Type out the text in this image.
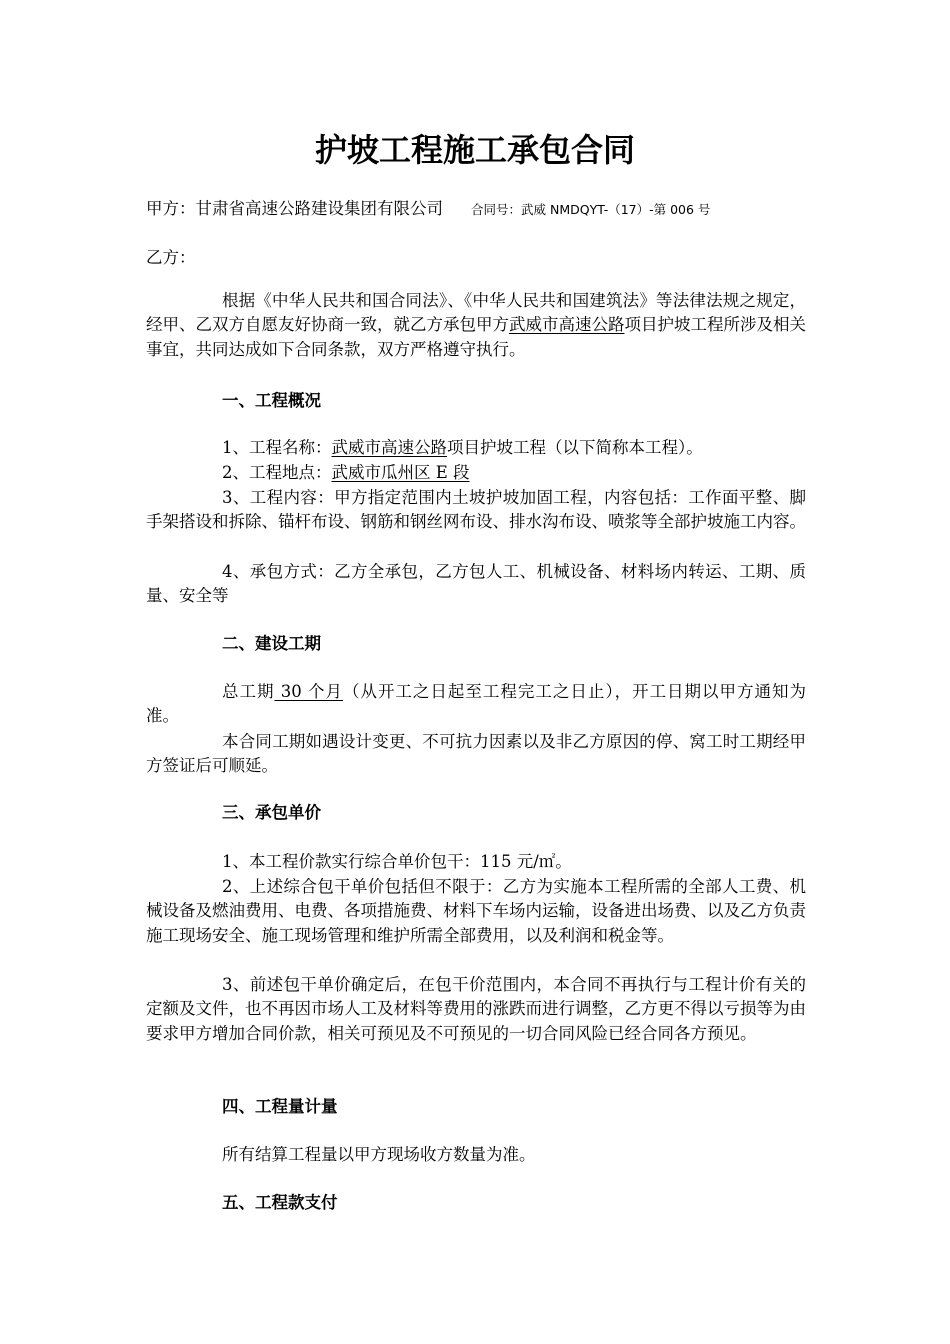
护坡工程施工承包合同
甲方：甘肃省高速公路建设集团有限公司 合同号：武威 NMDQYT-（17）-第 006 号
乙方：

根据《中华人民共和国合同法》、《中华人民共和国建筑法》等法律法规之规定，经甲、乙双方自愿友好协商一致，就乙方承包甲方武威市高速公路项目护坡工程所涉及相关事宜，共同达成如下合同条款，双方严格遵守执行。

一、工程概况

1、工程名称：武威市高速公路项目护坡工程（以下简称本工程）。

2、工程地点：武威市瓜州区 E 段

3、工程内容：甲方指定范围内土坡护坡加固工程，内容包括：工作面平整、脚手架搭设和拆除、锚杆布设、钢筋和钢丝网布设、排水沟布设、喷浆等全部护坡施工内容。

4、承包方式：乙方全承包，乙方包人工、机械设备、材料场内转运、工期、质量、安全等

二、建设工期

总工期 30 个月（从开工之日起至工程完工之日止），开工日期以甲方通知为准。

本合同工期如遇设计变更、不可抗力因素以及非乙方原因的停、窝工时工期经甲方签证后可顺延。

三、承包单价

1、本工程价款实行综合单价包干：115 元/㎡。

2、上述综合包干单价包括但不限于：乙方为实施本工程所需的全部人工费、机械设备及燃油费用、电费、各项措施费、材料下车场内运输，设备进出场费、以及乙方负责施工现场安全、施工现场管理和维护所需全部费用，以及利润和税金等。

3、前述包干单价确定后，在包干价范围内，本合同不再执行与工程计价有关的定额及文件，也不再因市场人工及材料等费用的涨跌而进行调整，乙方更不得以亏损等为由要求甲方增加合同价款，相关可预见及不可预见的一切合同风险已经合同各方预见。

四、工程量计量

所有结算工程量以甲方现场收方数量为准。

五、工程款支付
